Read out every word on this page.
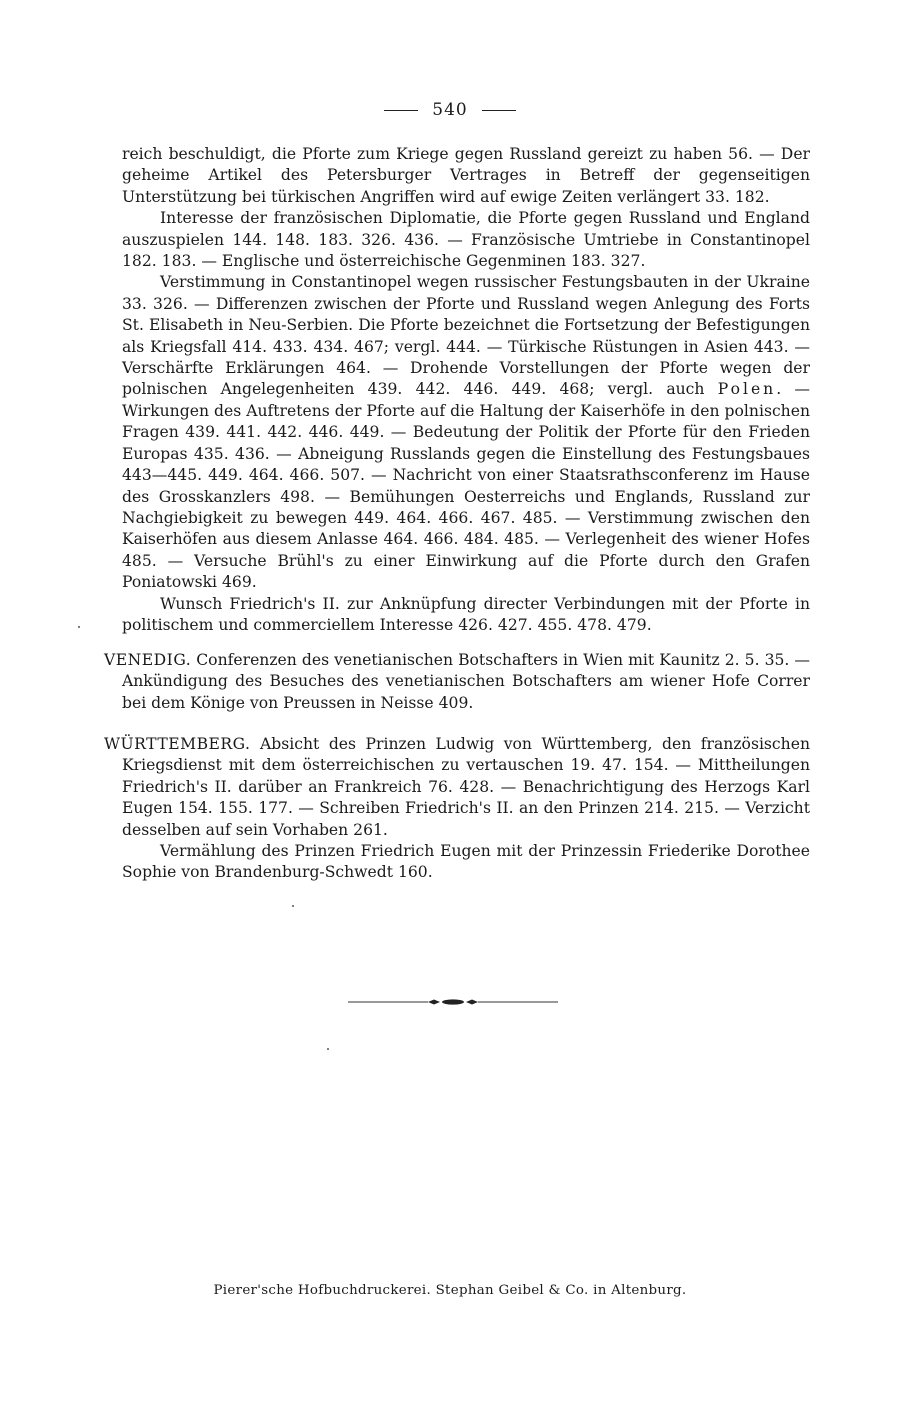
540

reich beschuldigt, die Pforte zum Kriege gegen Russland gereizt zu haben 56. — Der geheime Artikel des Petersburger Vertrages in Betreff der gegenseitigen Unterstützung bei türkischen Angriffen wird auf ewige Zeiten verlängert 33. 182.

Interesse der französischen Diplomatie, die Pforte gegen Russland und England auszuspielen 144. 148. 183. 326. 436. — Französische Umtriebe in Constantinopel 182. 183. — Englische und österreichische Gegenminen 183. 327.

Verstimmung in Constantinopel wegen russischer Festungsbauten in der Ukraine 33. 326. — Differenzen zwischen der Pforte und Russland wegen Anlegung des Forts St. Elisabeth in Neu-Serbien. Die Pforte bezeichnet die Fortsetzung der Befestigungen als Kriegsfall 414. 433. 434. 467; vergl. 444. — Türkische Rüstungen in Asien 443. — Verschärfte Erklärungen 464. — Drohende Vorstellungen der Pforte wegen der polnischen Angelegenheiten 439. 442. 446. 449. 468; vergl. auch Polen. — Wirkungen des Auftretens der Pforte auf die Haltung der Kaiserhöfe in den polnischen Fragen 439. 441. 442. 446. 449. — Bedeutung der Politik der Pforte für den Frieden Europas 435. 436. — Abneigung Russlands gegen die Einstellung des Festungsbaues 443—445. 449. 464. 466. 507. — Nachricht von einer Staatsrathsconferenz im Hause des Grosskanzlers 498. — Bemühungen Oesterreichs und Englands, Russland zur Nachgiebigkeit zu bewegen 449. 464. 466. 467. 485. — Verstimmung zwischen den Kaiserhöfen aus diesem Anlasse 464. 466. 484. 485. — Verlegenheit des wiener Hofes 485. — Versuche Brühl's zu einer Einwirkung auf die Pforte durch den Grafen Poniatowski 469.

Wunsch Friedrich's II. zur Anknüpfung directer Verbindungen mit der Pforte in politischem und commerciellem Interesse 426. 427. 455. 478. 479.

VENEDIG. Conferenzen des venetianischen Botschafters in Wien mit Kaunitz 2. 5. 35. — Ankündigung des Besuches des venetianischen Botschafters am wiener Hofe Correr bei dem Könige von Preussen in Neisse 409.

WÜRTTEMBERG. Absicht des Prinzen Ludwig von Württemberg, den französischen Kriegsdienst mit dem österreichischen zu vertauschen 19. 47. 154. — Mittheilungen Friedrich's II. darüber an Frankreich 76. 428. — Benachrichtigung des Herzogs Karl Eugen 154. 155. 177. — Schreiben Friedrich's II. an den Prinzen 214. 215. — Verzicht desselben auf sein Vorhaben 261.

Vermählung des Prinzen Friedrich Eugen mit der Prinzessin Friederike Dorothee Sophie von Brandenburg-Schwedt 160.

Pierer'sche Hofbuchdruckerei. Stephan Geibel & Co. in Altenburg.
